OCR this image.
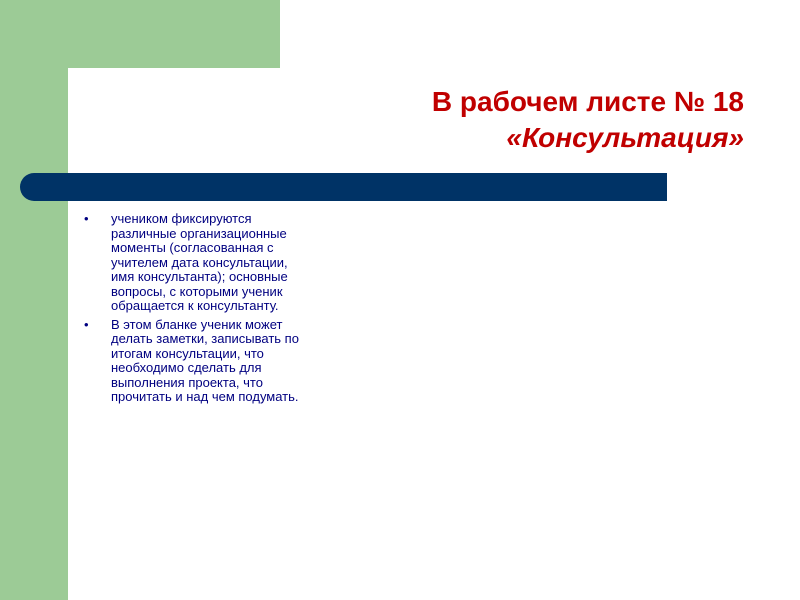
В рабочем листе № 18
«Консультация»
• учеником фиксируются различные организационные моменты (согласованная с учителем дата консультации, имя консультанта); основные вопросы, с которыми ученик обращается к консультанту.
• В этом бланке ученик может делать заметки, записывать по итогам консультации, что необходимо сделать для выполнения проекта, что прочитать и над чем подумать.
